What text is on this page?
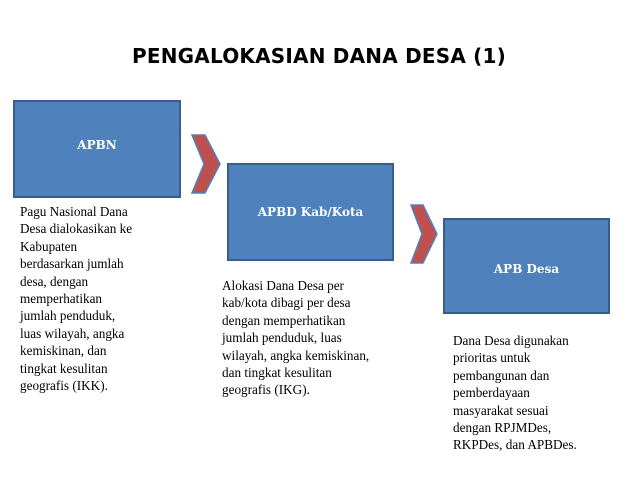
PENGALOKASIAN DANA DESA (1)
APBN
APBD Kab/Kota
APB Desa

Pagu Nasional Dana
Desa dialokasikan ke
Kabupaten
berdasarkan jumlah
desa, dengan
memperhatikan
jumlah penduduk,
luas wilayah, angka
kemiskinan, dan
tingkat kesulitan
geografis (IKK).

Alokasi Dana Desa per
kab/kota dibagi per desa
dengan memperhatikan
jumlah penduduk, luas
wilayah, angka kemiskinan,
dan tingkat kesulitan
geografis (IKG).

Dana Desa digunakan
prioritas untuk
pembangunan dan
pemberdayaan
masyarakat sesuai
dengan RPJMDes,
RKPDes, dan APBDes.
